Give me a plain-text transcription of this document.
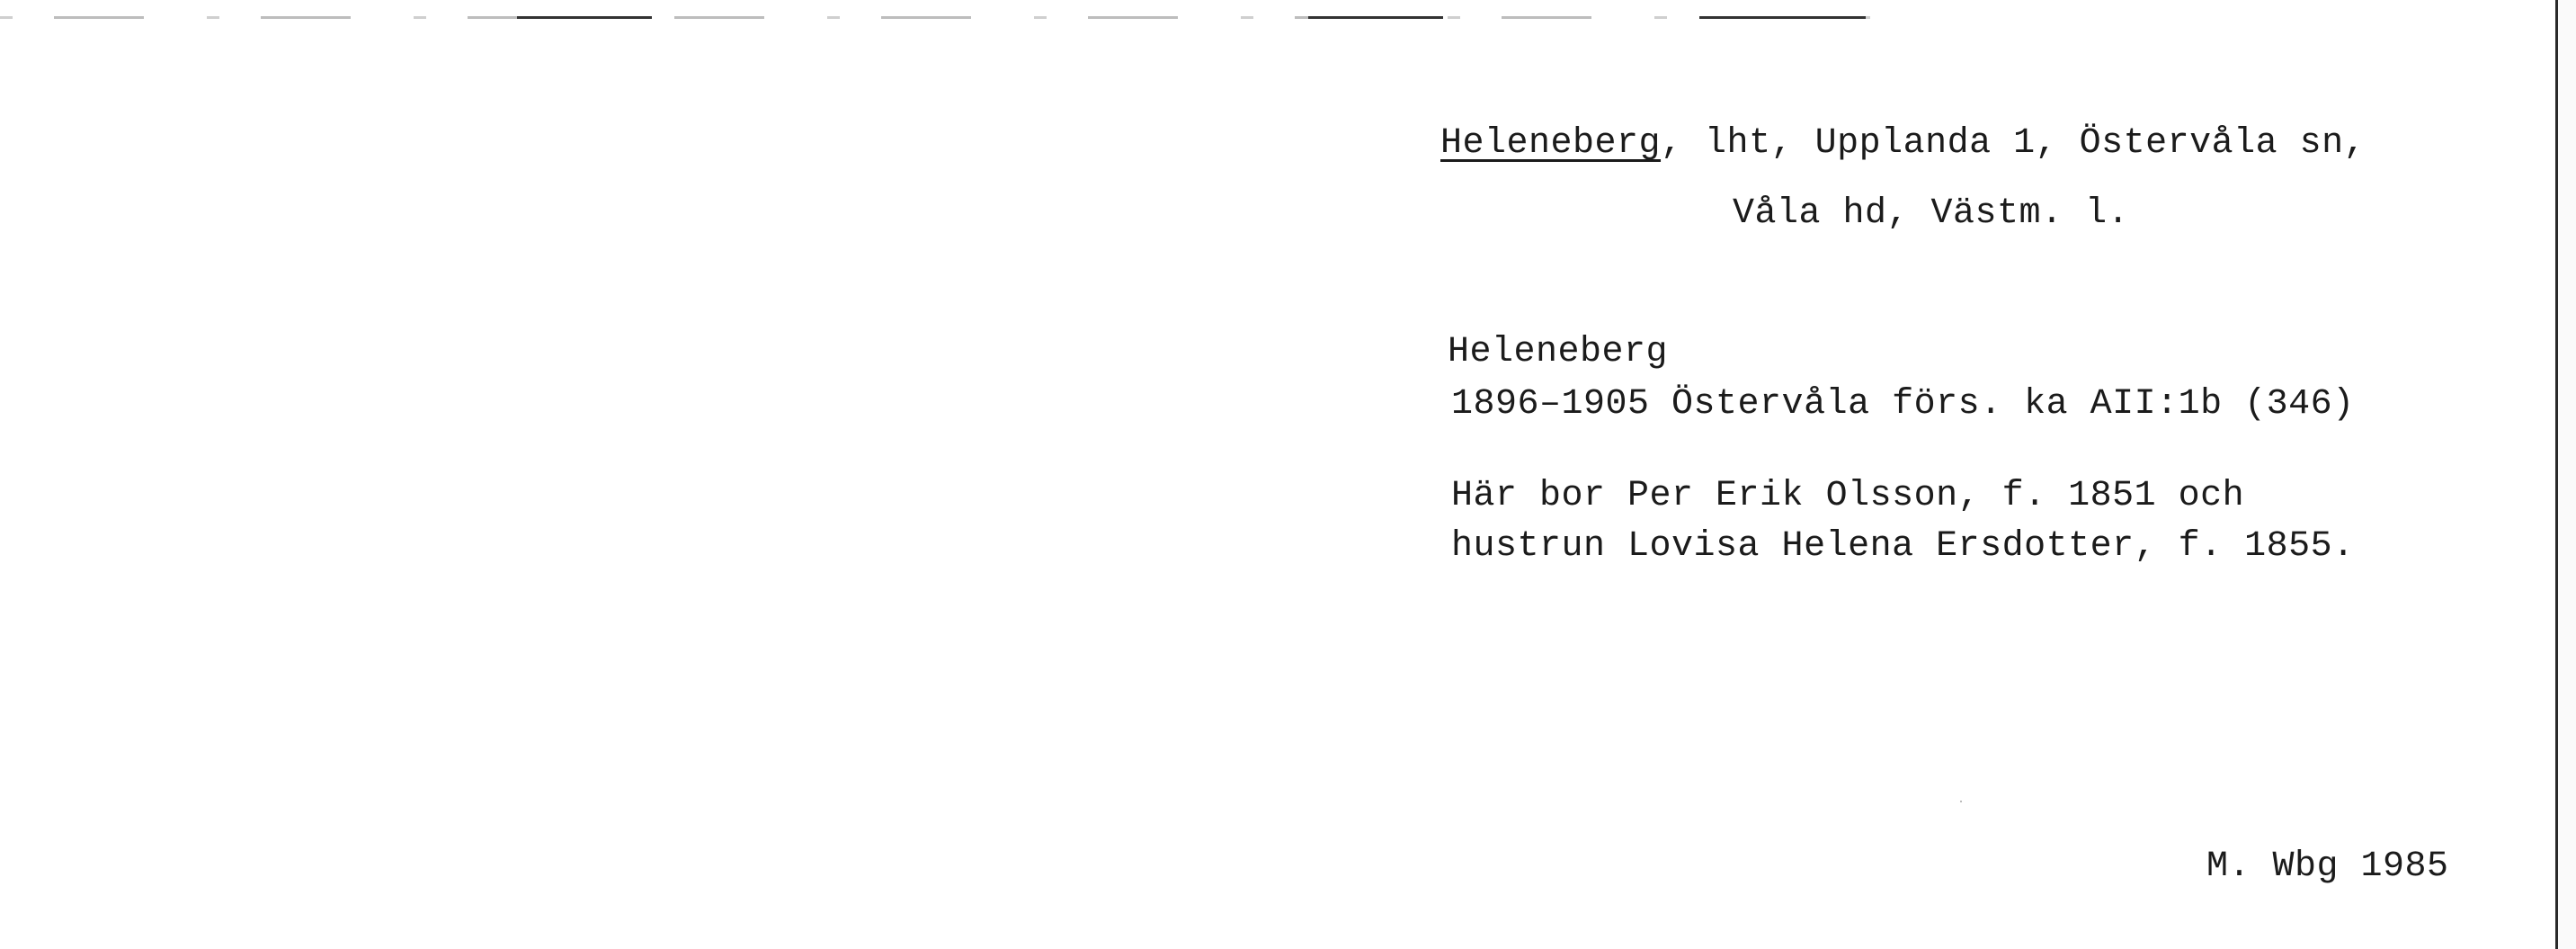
Heleneberg, lht, Upplanda 1, Östervåla sn,
Våla hd, Västm. l.
Heleneberg
1896–1905 Östervåla förs. ka AII:1b (346)
Här bor Per Erik Olsson, f. 1851 och
hustrun Lovisa Helena Ersdotter, f. 1855.
M. Wbg 1985
